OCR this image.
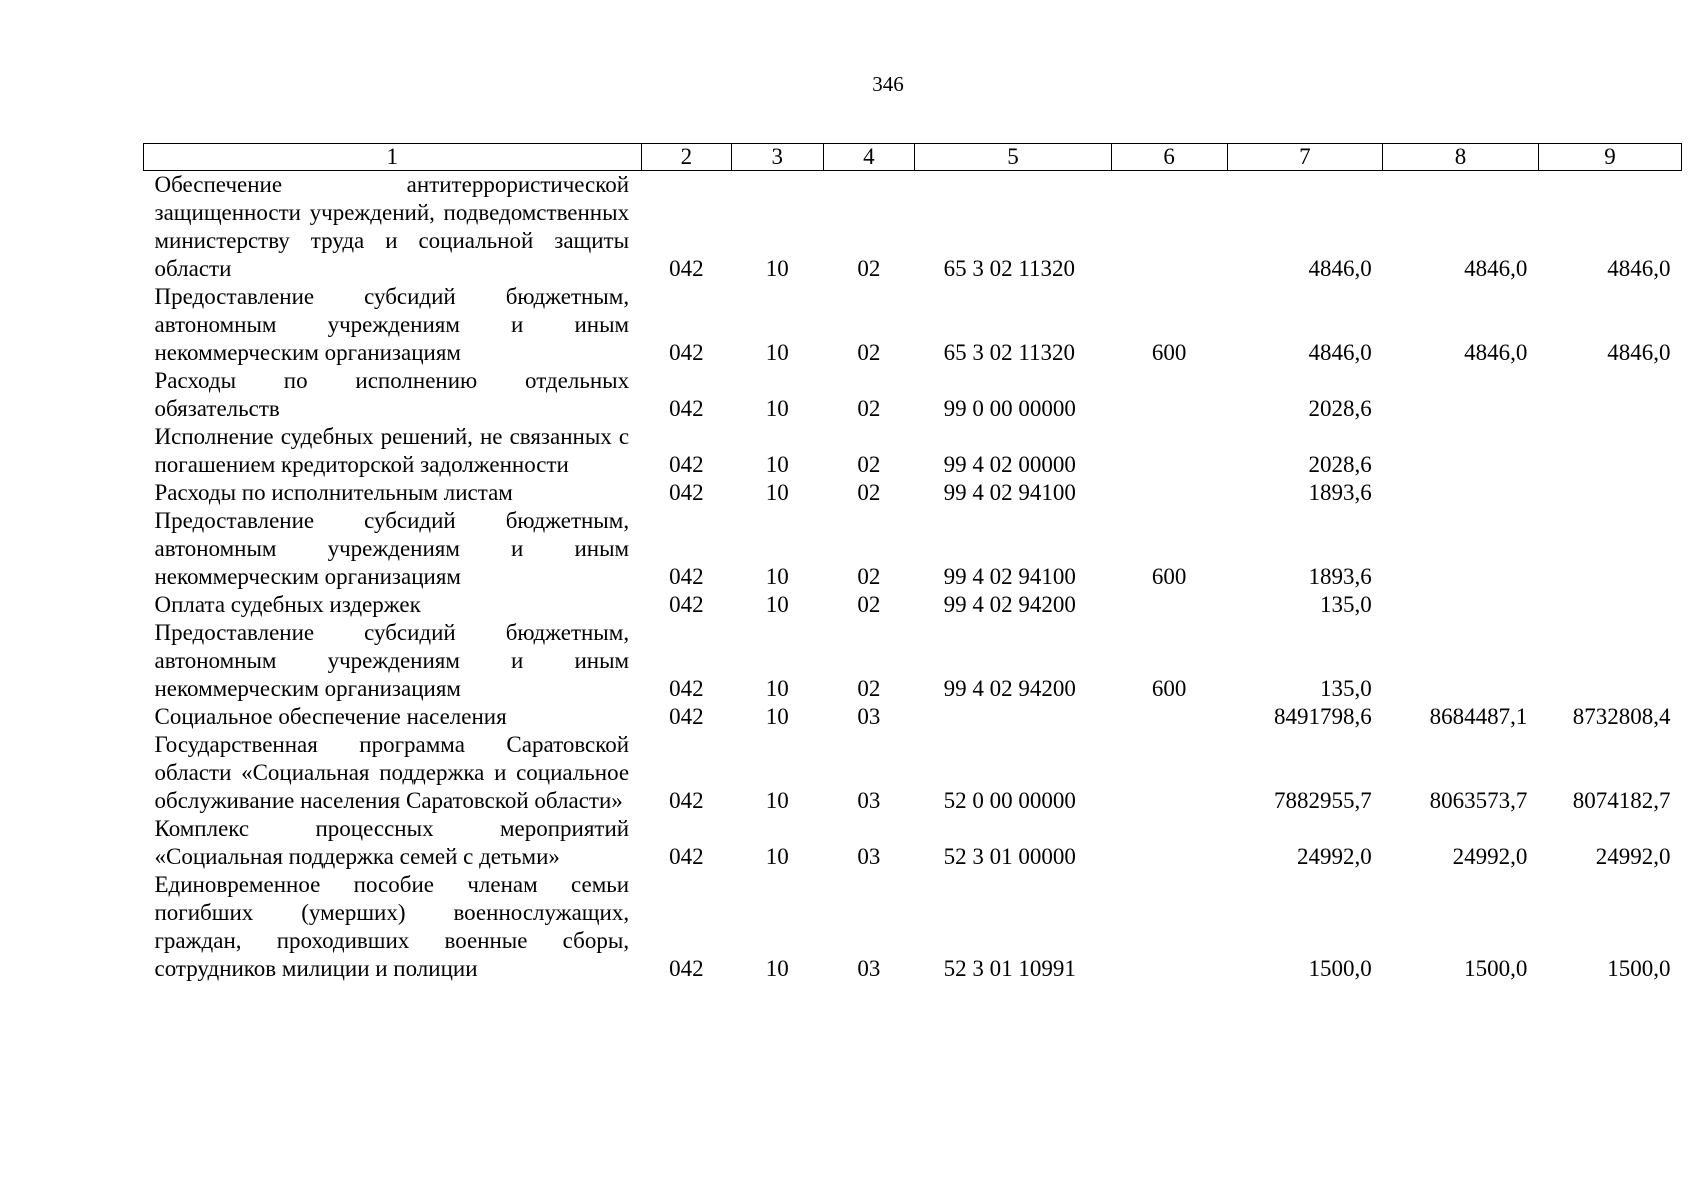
346
1	2	3	4	5	6	7	8	9
Обеспечение антитеррористической защищенности учреждений, подведомственных министерству труда и социальной защиты области	042	10	02	65 3 02 11320		4846,0	4846,0	4846,0
Предоставление субсидий бюджетным, автономным учреждениям и иным некоммерческим организациям	042	10	02	65 3 02 11320	600	4846,0	4846,0	4846,0
Расходы по исполнению отдельных обязательств	042	10	02	99 0 00 00000		2028,6		
Исполнение судебных решений, не связанных с погашением кредиторской задолженности	042	10	02	99 4 02 00000		2028,6		
Расходы по исполнительным листам	042	10	02	99 4 02 94100		1893,6		
Предоставление субсидий бюджетным, автономным учреждениям и иным некоммерческим организациям	042	10	02	99 4 02 94100	600	1893,6		
Оплата судебных издержек	042	10	02	99 4 02 94200		135,0		
Предоставление субсидий бюджетным, автономным учреждениям и иным некоммерческим организациям	042	10	02	99 4 02 94200	600	135,0		
Социальное обеспечение населения	042	10	03			8491798,6	8684487,1	8732808,4
Государственная программа Саратовской области «Социальная поддержка и социальное обслуживание населения Саратовской области»	042	10	03	52 0 00 00000		7882955,7	8063573,7	8074182,7
Комплекс процессных мероприятий «Социальная поддержка семей с детьми»	042	10	03	52 3 01 00000		24992,0	24992,0	24992,0
Единовременное пособие членам семьи погибших (умерших) военнослужащих, граждан, проходивших военные сборы, сотрудников милиции и полиции	042	10	03	52 3 01 10991		1500,0	1500,0	1500,0
